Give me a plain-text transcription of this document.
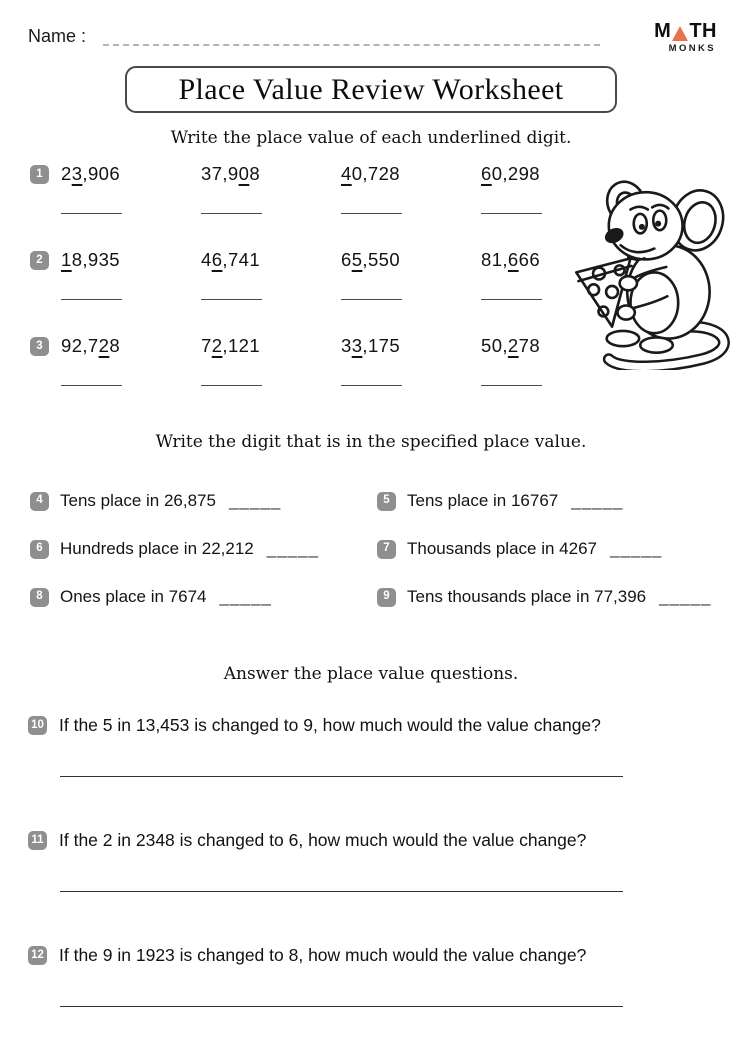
Name :	M TH
MONKS
Place Value Review Worksheet
Write the place value of each underlined digit.
1 23,906	37,908	40,728	60,298
2 18,935	46,741	65,550	81,666
3 92,728	72,121	33,175	50,278
Write the digit that is in the specified place value.
4	Tens place in 26,875 _____	5	Tens place in 16767 _____
6	Hundreds place in 22,212 _____	7	Thousands place in 4267 _____
8	Ones place in 7674 _____	9	Tens thousands place in 77,396 _____
Answer the place value questions.
10 If the 5 in 13,453 is changed to 9, how much would the value change?
11 If the 2 in 2348 is changed to 6, how much would the value change?
12 If the 9 in 1923 is changed to 8, how much would the value change?
